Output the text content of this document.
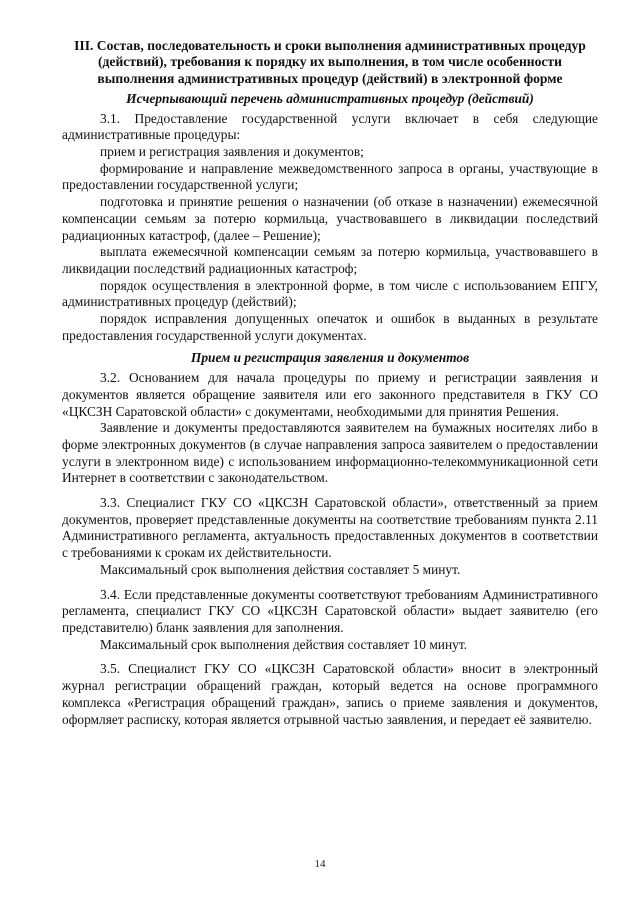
III. Состав, последовательность и сроки выполнения административных процедур (действий), требования к порядку их выполнения, в том числе особенности выполнения административных процедур (действий) в электронной форме
Исчерпывающий перечень административных процедур (действий)

3.1. Предоставление государственной услуги включает в себя следующие административные процедуры:

прием и регистрация заявления и документов;

формирование и направление межведомственного запроса в органы, участвующие в предоставлении государственной услуги;

подготовка и принятие решения о назначении (об отказе в назначении) ежемесячной компенсации семьям за потерю кормильца, участвовавшего в ликвидации последствий радиационных катастроф, (далее – Решение);

выплата ежемесячной компенсации семьям за потерю кормильца, участвовавшего в ликвидации последствий радиационных катастроф;

порядок осуществления в электронной форме, в том числе с использованием ЕПГУ, административных процедур (действий);

порядок исправления допущенных опечаток и ошибок в выданных в результате предоставления государственной услуги документах.

Прием и регистрация заявления и документов

3.2. Основанием для начала процедуры по приему и регистрации заявления и документов является обращение заявителя или его законного представителя в ГКУ СО «ЦКСЗН Саратовской области» с документами, необходимыми для принятия Решения.

Заявление и документы предоставляются заявителем на бумажных носителях либо в форме электронных документов (в случае направления запроса заявителем о предоставлении услуги в электронном виде) с использованием информационно-телекоммуникационной сети Интернет в соответствии с законодательством.

3.3. Специалист ГКУ СО «ЦКСЗН Саратовской области», ответственный за прием документов, проверяет представленные документы на соответствие требованиям пункта 2.11 Административного регламента, актуальность предоставленных документов в соответствии с требованиями к срокам их действительности.

Максимальный срок выполнения действия составляет 5 минут.

3.4. Если представленные документы соответствуют требованиям Административного регламента, специалист ГКУ СО «ЦКСЗН Саратовской области» выдает заявителю (его представителю) бланк заявления для заполнения.

Максимальный срок выполнения действия составляет 10 минут.

3.5. Специалист ГКУ СО «ЦКСЗН Саратовской области» вносит в электронный журнал регистрации обращений граждан, который ведется на основе программного комплекса «Регистрация обращений граждан», запись о приеме заявления и документов, оформляет расписку, которая является отрывной частью заявления, и передает её заявителю.

14
